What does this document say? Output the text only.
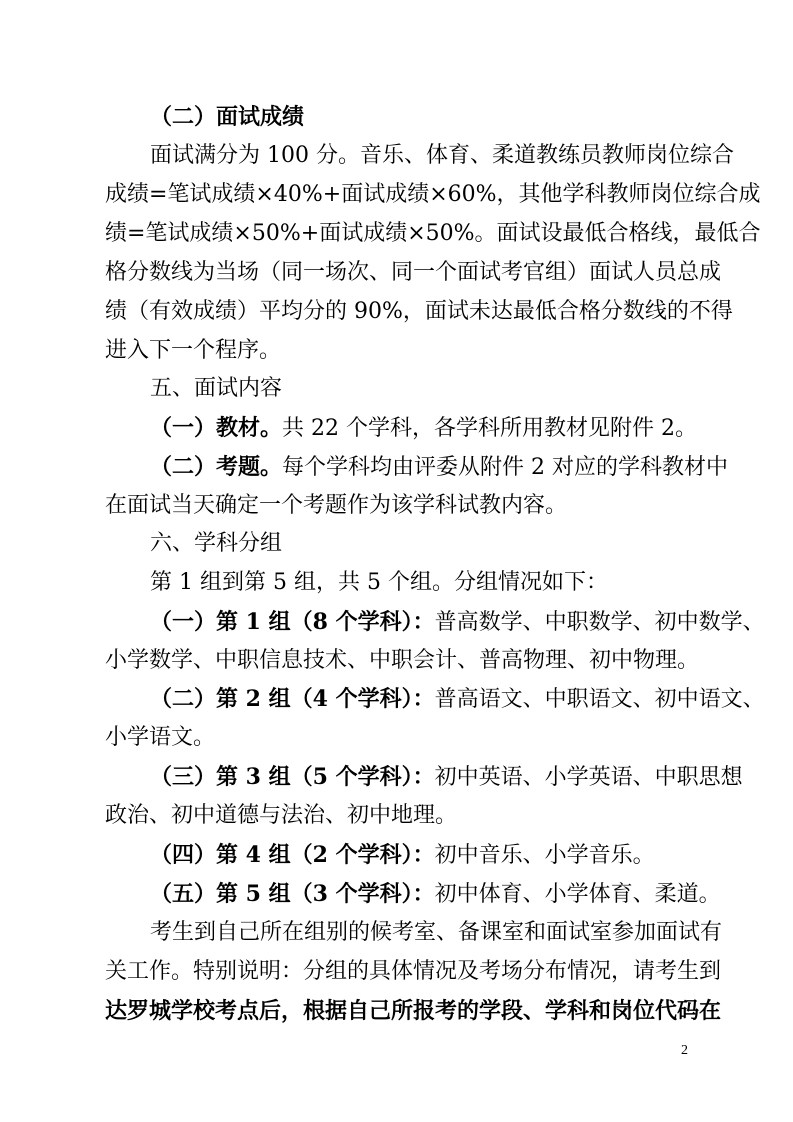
（二）面试成绩
面试满分为 100 分。音乐、体育、柔道教练员教师岗位综合
成绩=笔试成绩×40%+面试成绩×60%，其他学科教师岗位综合成
绩=笔试成绩×50%+面试成绩×50%。面试设最低合格线，最低合
格分数线为当场（同一场次、同一个面试考官组）面试人员总成
绩（有效成绩）平均分的 90%，面试未达最低合格分数线的不得
进入下一个程序。
五、面试内容
（一）教材。共 22 个学科，各学科所用教材见附件 2。
（二）考题。每个学科均由评委从附件 2 对应的学科教材中
在面试当天确定一个考题作为该学科试教内容。
六、学科分组
第 1 组到第 5 组，共 5 个组。分组情况如下：
（一）第 1 组（8 个学科）：普高数学、中职数学、初中数学、
小学数学、中职信息技术、中职会计、普高物理、初中物理。
（二）第 2 组（4 个学科）：普高语文、中职语文、初中语文、
小学语文。
（三）第 3 组（5 个学科）：初中英语、小学英语、中职思想
政治、初中道德与法治、初中地理。
（四）第 4 组（2 个学科）：初中音乐、小学音乐。
（五）第 5 组（3 个学科）：初中体育、小学体育、柔道。
考生到自己所在组别的候考室、备课室和面试室参加面试有
关工作。特别说明：分组的具体情况及考场分布情况，请考生到
达罗城学校考点后，根据自己所报考的学段、学科和岗位代码在
2
